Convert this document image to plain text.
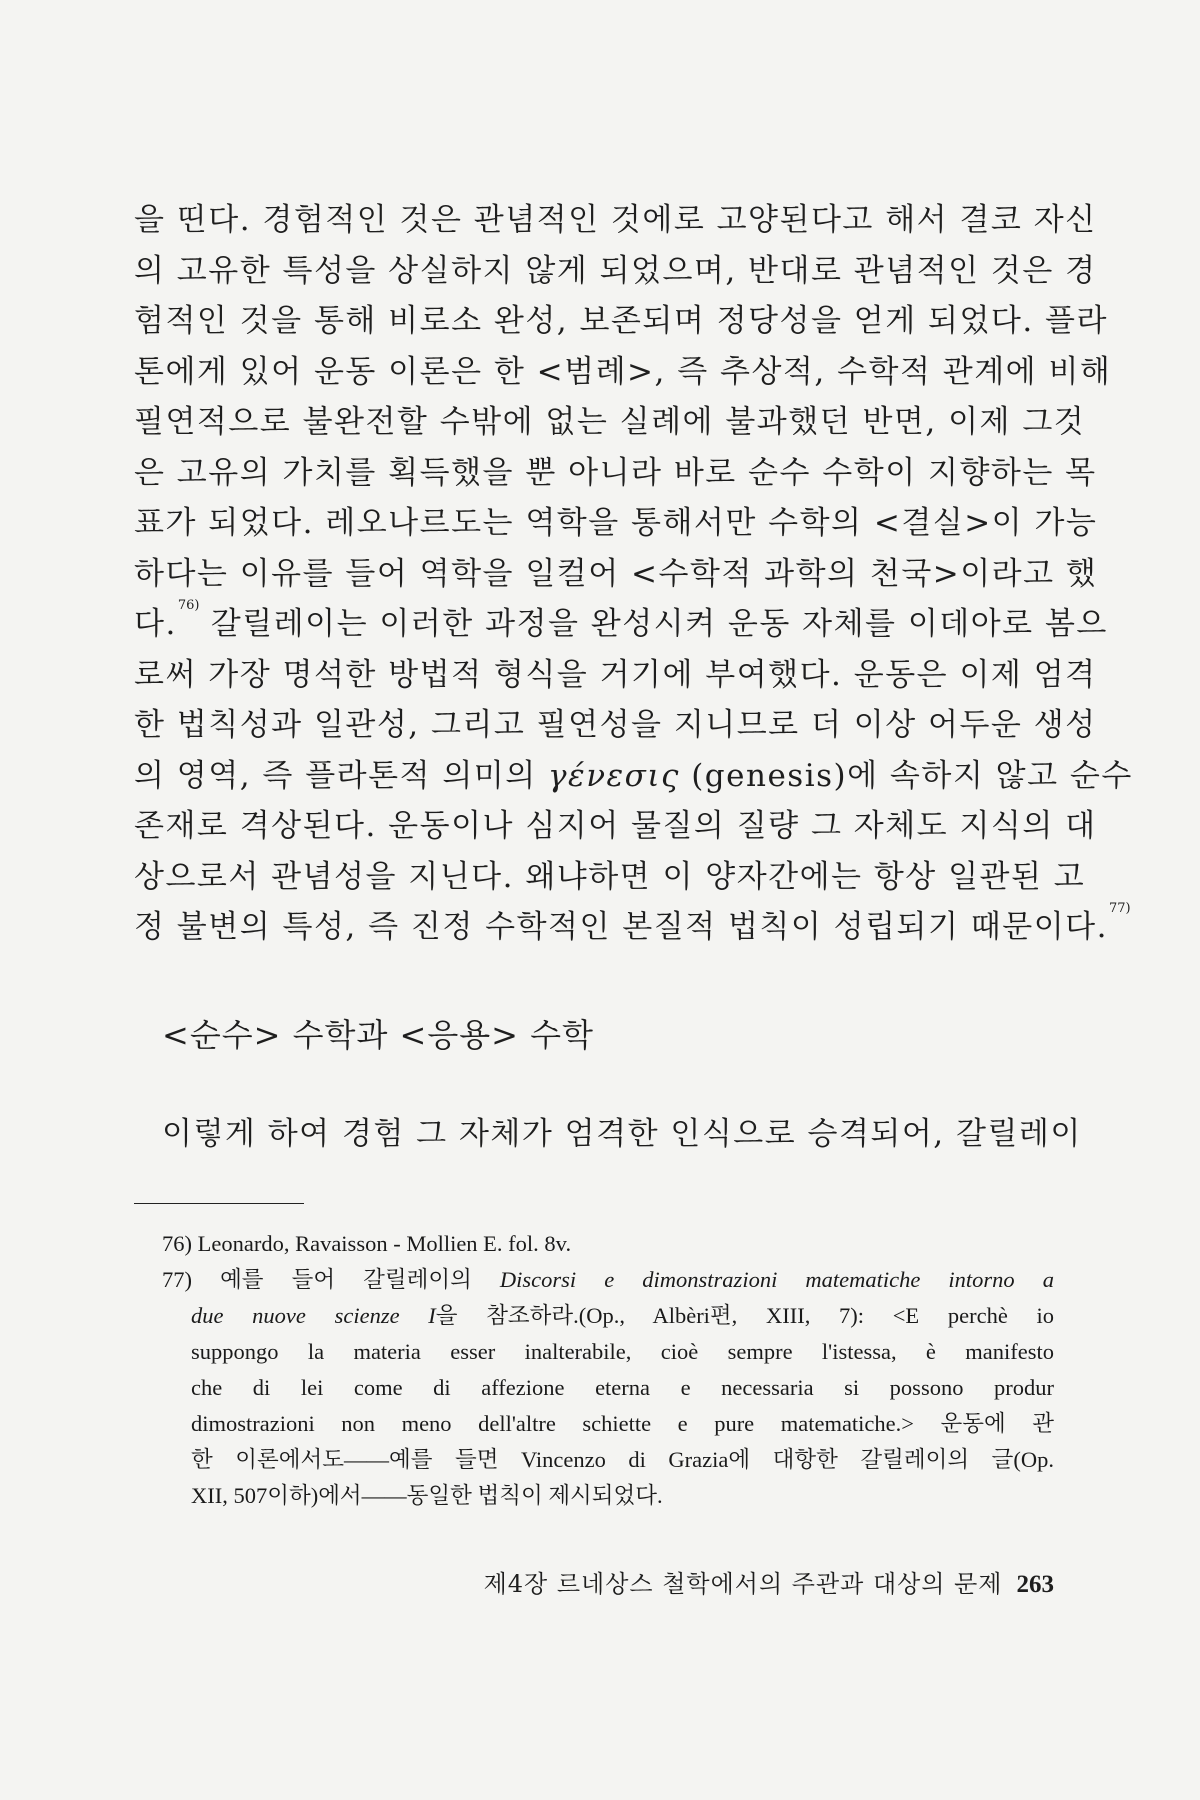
을 띤다. 경험적인 것은 관념적인 것에로 고양된다고 해서 결코 자신
의 고유한 특성을 상실하지 않게 되었으며, 반대로 관념적인 것은 경
험적인 것을 통해 비로소 완성, 보존되며 정당성을 얻게 되었다. 플라
톤에게 있어 운동 이론은 한 <범례>, 즉 추상적, 수학적 관계에 비해
필연적으로 불완전할 수밖에 없는 실례에 불과했던 반면, 이제 그것
은 고유의 가치를 획득했을 뿐 아니라 바로 순수 수학이 지향하는 목
표가 되었다. 레오나르도는 역학을 통해서만 수학의 <결실>이 가능
하다는 이유를 들어 역학을 일컬어 <수학적 과학의 천국>이라고 했
다.$^{76)}$ 갈릴레이는 이러한 과정을 완성시켜 운동 자체를 이데아로 봄으
로써 가장 명석한 방법적 형식을 거기에 부여했다. 운동은 이제 엄격
한 법칙성과 일관성, 그리고 필연성을 지니므로 더 이상 어두운 생성
의 영역, 즉 플라톤적 의미의 γένεσις (genesis)에 속하지 않고 순수
존재로 격상된다. 운동이나 심지어 물질의 질량 그 자체도 지식의 대
상으로서 관념성을 지닌다. 왜냐하면 이 양자간에는 항상 일관된 고
정 불변의 특성, 즉 진정 수학적인 본질적 법칙이 성립되기 때문이다.$^{77)}$
<순수> 수학과 <응용> 수학
이렇게 하여 경험 그 자체가 엄격한 인식으로 승격되어, 갈릴레이
76) Leonardo, Ravaisson - Mollien E. fol. 8v.
77) 예를 들어 갈릴레이의 Discorsi e dimonstrazioni matematiche intorno a
due nuove scienze I을 참조하라.(Op., Albèri편, XIII, 7): <E perchè io
suppongo la materia esser inalterabile, cioè sempre l'istessa, è manifesto
che di lei come di affezione eterna e necessaria si possono produr
dimostrazioni non meno dell'altre schiette e pure matematiche.> 운동에 관
한 이론에서도――예를 들면 Vincenzo di Grazia에 대항한 갈릴레이의 글(Op.
XII, 507이하)에서――동일한 법칙이 제시되었다.
제4장 르네상스 철학에서의 주관과 대상의 문제 263
